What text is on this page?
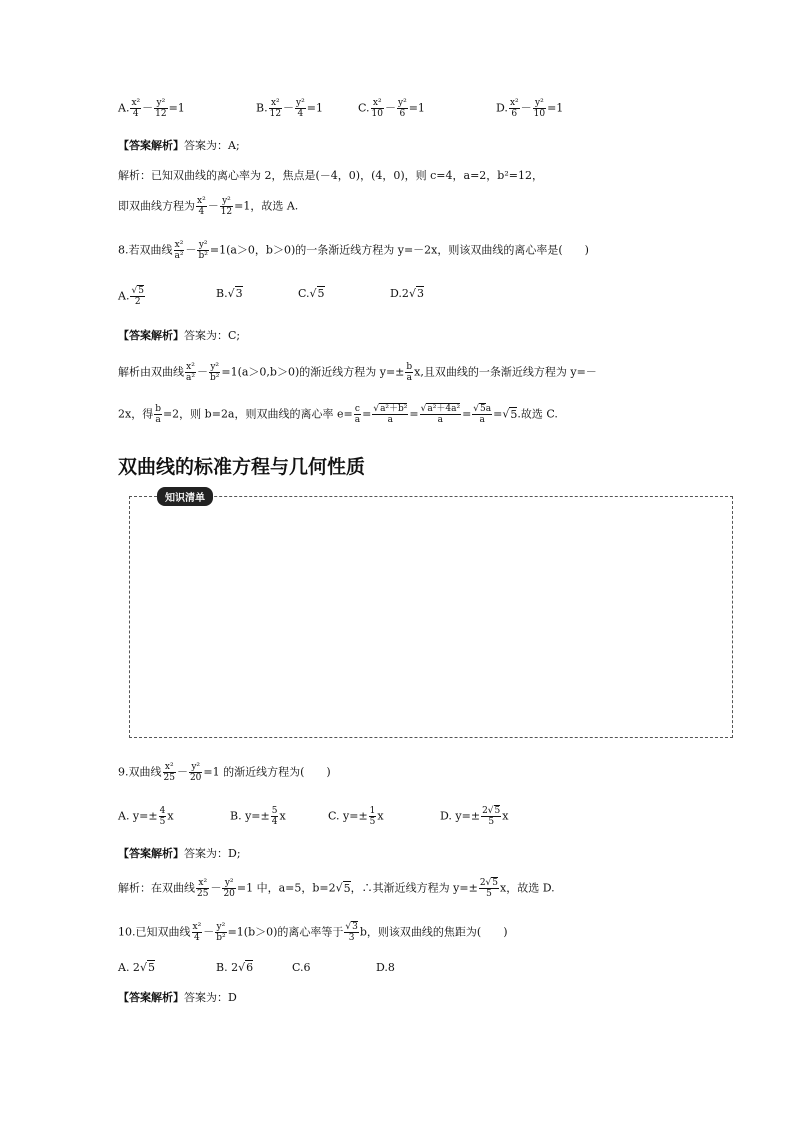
A. $\frac{\text{x²}}{4} - \frac{\text{y²}}{12} =1$	B. $\frac{\text{x²}}{12} - \frac{\text{y²}}{4} =1$	C. $\frac{\text{x²}}{10} - \frac{\text{y²}}{6} =1$	D. $\frac{\text{x²}}{6} - \frac{\text{y²}}{10} =1$
【答案解析】答案为：A;
解析：已知双曲线的离心率为 2，焦点是(－4，0)，(4，0)，则 c=4，a=2，b²=12，
即双曲线方程为 $\frac{\text{x²}}{4} - \frac{\text{y²}}{12} =1$，故选 A.
8.若双曲线 $\frac{\text{x²}}{\text{a²}} - \frac{\text{y²}}{\text{b²}} =1(a>0$，b＞0)的一条渐近线方程为 y=－2x，则该双曲线的离心率是(　　)
A. $\frac{√5}{2}$	B.√3	C.√5	D.2√3
【答案解析】答案为：C;
解析由双曲线 $\frac{\text{x²}}{\text{a²}} - \frac{\text{y²}}{\text{b²}} =1(a>0,b>0)$的渐近线方程为 $y=\pm \frac{b}{a} x$,且双曲线的一条渐近线方程为 y=－
2x，得 $\frac{b}{a} =2$，则 b=2a，则双曲线的离心率 $e= \frac{c}{a} = \frac{\text{√a²＋b²}}{a} = \frac{\text{√a²＋4a²}}{a} = \frac{√5a}{a} =√5$.故选 C.
双曲线的标准方程与几何性质
知识清单
9.双曲线 $\frac{\text{x²}}{25} - \frac{\text{y²}}{20} =1$ 的渐近线方程为(　　)
A. $y=\pm \frac{4}{5}$ x	B. $y=\pm \frac{5}{4}$ x	C. $y=\pm \frac{1}{5}$ x	D. $y=\pm \frac{2√5}{5}$ x
【答案解析】答案为：D;
解析：在双曲线 $\frac{\text{x²}}{25} - \frac{\text{y²}}{20} =1$ 中，a=5，b=2√5，∴其渐近线方程为 $y=\pm \frac{2√5}{5}$ x，故选 D.
10.已知双曲线 $\frac{\text{x²}}{4} - \frac{\text{y²}}{\text{b²}} =1(b>0)$的离心率等于 $\frac{√3}{3}$ b，则该双曲线的焦距为(　　)
A. 2√5	B. 2√6	C.6	D.8
【答案解析】答案为：D
